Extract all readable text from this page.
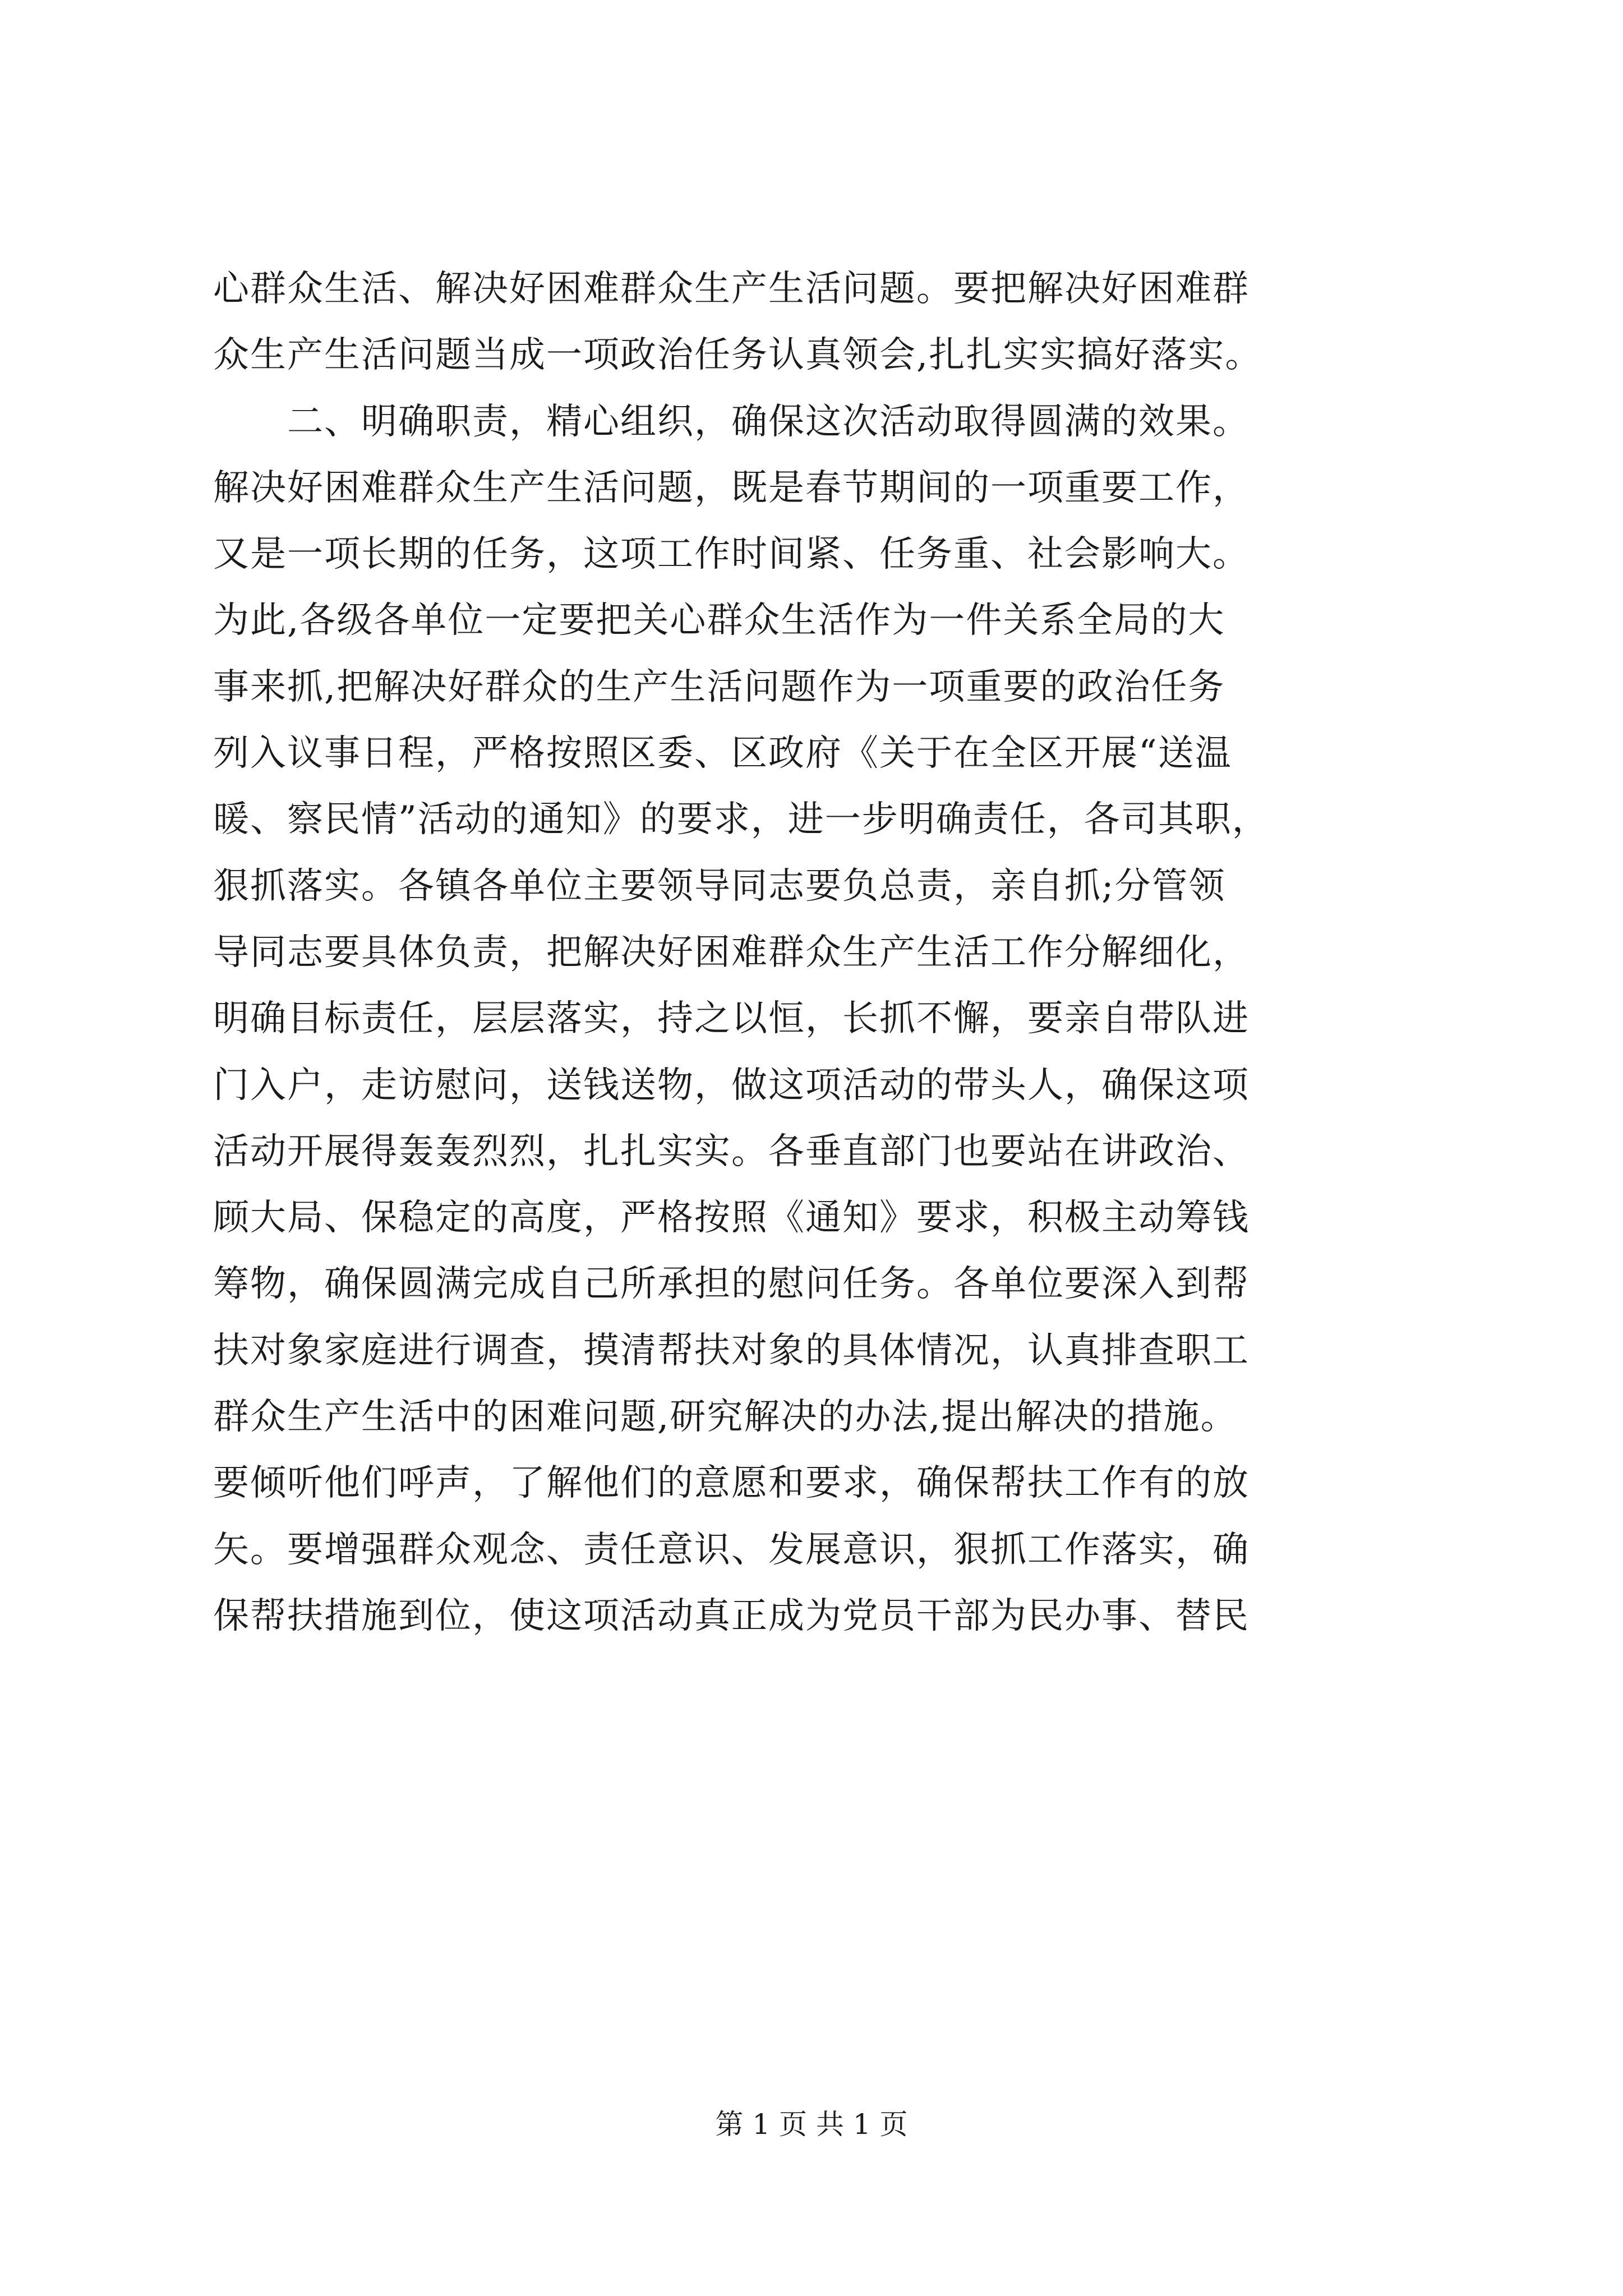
心群众生活、解决好困难群众生产生活问题。要把解决好困难群
众生产生活问题当成一项政治任务认真领会,扎扎实实搞好落实。
　　二、明确职责，精心组织，确保这次活动取得圆满的效果。
解决好困难群众生产生活问题，既是春节期间的一项重要工作，
又是一项长期的任务，这项工作时间紧、任务重、社会影响大。
为此,各级各单位一定要把关心群众生活作为一件关系全局的大
事来抓,把解决好群众的生产生活问题作为一项重要的政治任务
列入议事日程，严格按照区委、区政府《关于在全区开展“送温
暖、察民情”活动的通知》的要求，进一步明确责任，各司其职，
狠抓落实。各镇各单位主要领导同志要负总责，亲自抓;分管领
导同志要具体负责，把解决好困难群众生产生活工作分解细化，
明确目标责任，层层落实，持之以恒，长抓不懈，要亲自带队进
门入户，走访慰问，送钱送物，做这项活动的带头人，确保这项
活动开展得轰轰烈烈，扎扎实实。各垂直部门也要站在讲政治、
顾大局、保稳定的高度，严格按照《通知》要求，积极主动筹钱
筹物，确保圆满完成自己所承担的慰问任务。各单位要深入到帮
扶对象家庭进行调查，摸清帮扶对象的具体情况，认真排查职工
群众生产生活中的困难问题,研究解决的办法,提出解决的措施。
要倾听他们呼声，了解他们的意愿和要求，确保帮扶工作有的放
矢。要增强群众观念、责任意识、发展意识，狠抓工作落实，确
保帮扶措施到位，使这项活动真正成为党员干部为民办事、替民
第 1 页 共 1 页
